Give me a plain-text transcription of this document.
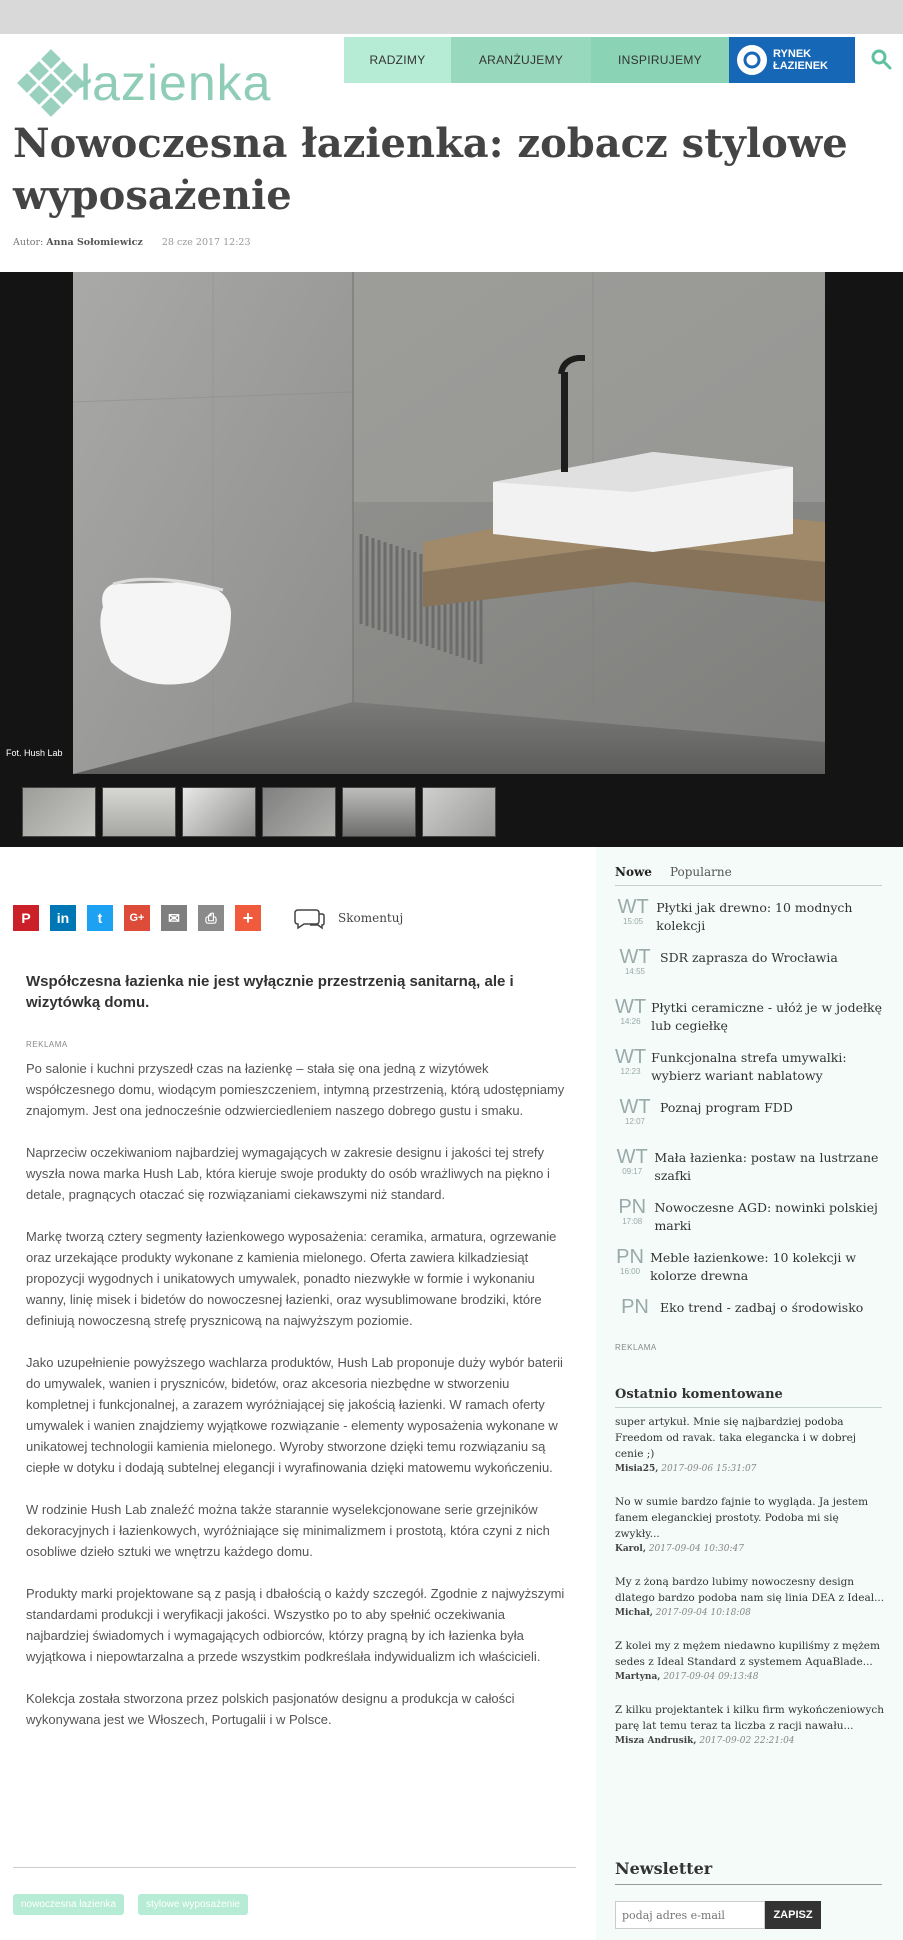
łazienka	RADZIMY	ARANŻUJEMY	INSPIRUJEMY	RYNEK
ŁAZIENEK
Nowoczesna łazienka: zobacz stylowe wyposażenie
Autor: Anna Sołomiewicz 28 cze 2017 12:23
Fot. Hush Lab
P	in	t	G+	✉	⎙	+	Skomentuj

Współczesna łazienka nie jest wyłącznie przestrzenią sanitarną, ale i wizytówką domu.

REKLAMA

Po salonie i kuchni przyszedł czas na łazienkę – stała się ona jedną z wizytówek współczesnego domu, wiodącym pomieszczeniem, intymną przestrzenią, którą udostępniamy znajomym. Jest ona jednocześnie odzwierciedleniem naszego dobrego gustu i smaku.

Naprzeciw oczekiwaniom najbardziej wymagających w zakresie designu i jakości tej strefy wyszła nowa marka Hush Lab, która kieruje swoje produkty do osób wrażliwych na piękno i detale, pragnących otaczać się rozwiązaniami ciekawszymi niż standard.

Markę tworzą cztery segmenty łazienkowego wyposażenia: ceramika, armatura, ogrzewanie oraz urzekające produkty wykonane z kamienia mielonego. Oferta zawiera kilkadziesiąt propozycji wygodnych i unikatowych umywalek, ponadto niezwykłe w formie i wykonaniu wanny, linię misek i bidetów do nowoczesnej łazienki, oraz wysublimowane brodziki, które definiują nowoczesną strefę prysznicową na najwyższym poziomie.

Jako uzupełnienie powyższego wachlarza produktów, Hush Lab proponuje duży wybór baterii do umywalek, wanien i pryszniców, bidetów, oraz akcesoria niezbędne w stworzeniu kompletnej i funkcjonalnej, a zarazem wyróżniającej się jakością łazienki. W ramach oferty umywalek i wanien znajdziemy wyjątkowe rozwiązanie - elementy wyposażenia wykonane w unikatowej technologii kamienia mielonego. Wyroby stworzone dzięki temu rozwiązaniu są ciepłe w dotyku i dodają subtelnej elegancji i wyrafinowania dzięki matowemu wykończeniu.

W rodzinie Hush Lab znaleźć można także starannie wyselekcjonowane serie grzejników dekoracyjnych i łazienkowych, wyróżniające się minimalizmem i prostotą, która czyni z nich osobliwe dzieło sztuki we wnętrzu każdego domu.

Produkty marki projektowane są z pasją i dbałością o każdy szczegół. Zgodnie z najwyższymi standardami produkcji i weryfikacji jakości. Wszystko po to aby spełnić oczekiwania najbardziej świadomych i wymagających odbiorców, którzy pragną by ich łazienka była wyjątkowa i niepowtarzalna a przede wszystkim podkreślała indywidualizm ich właścicieli.

Kolekcja została stworzona przez polskich pasjonatów designu a produkcja w całości wykonywana jest we Włoszech, Portugalii i w Polsce.

nowoczesna łazienka	stylowe wyposażenie
Nowe Popularne
WT
15:05
Płytki jak drewno: 10 modnych kolekcji
WT
14:55
SDR zaprasza do Wrocławia
WT
14:26
Płytki ceramiczne - ułóż je w jodełkę lub cegiełkę
WT
12:23
Funkcjonalna strefa umywalki: wybierz wariant nablatowy
WT
12:07
Poznaj program FDD
WT
09:17
Mała łazienka: postaw na lustrzane szafki
PN
17:08
Nowoczesne AGD: nowinki polskiej marki
PN
16:00
Meble łazienkowe: 10 kolekcji w kolorze drewna
PN Eko trend - zadbaj o środowisko
REKLAMA
Ostatnio komentowane
super artykuł. Mnie się najbardziej podoba Freedom od ravak. taka elegancka i w dobrej cenie ;)
Misia25, 2017-09-06 15:31:07
No w sumie bardzo fajnie to wygląda. Ja jestem fanem eleganckiej prostoty. Podoba mi się zwykły...
Karol, 2017-09-04 10:30:47
My z żoną bardzo lubimy nowoczesny design dlatego bardzo podoba nam się linia DEA z Ideal...
Michał, 2017-09-04 10:18:08
Z kolei my z mężem niedawno kupiliśmy z mężem sedes z Ideal Standard z systemem AquaBlade...
Martyna, 2017-09-04 09:13:48
Z kilku projektantek i kilku firm wykończeniowych parę lat temu teraz ta liczba z racji nawału...
Misza Andrusik, 2017-09-02 22:21:04
Newsletter
podaj adres e-mail
ZAPISZ
